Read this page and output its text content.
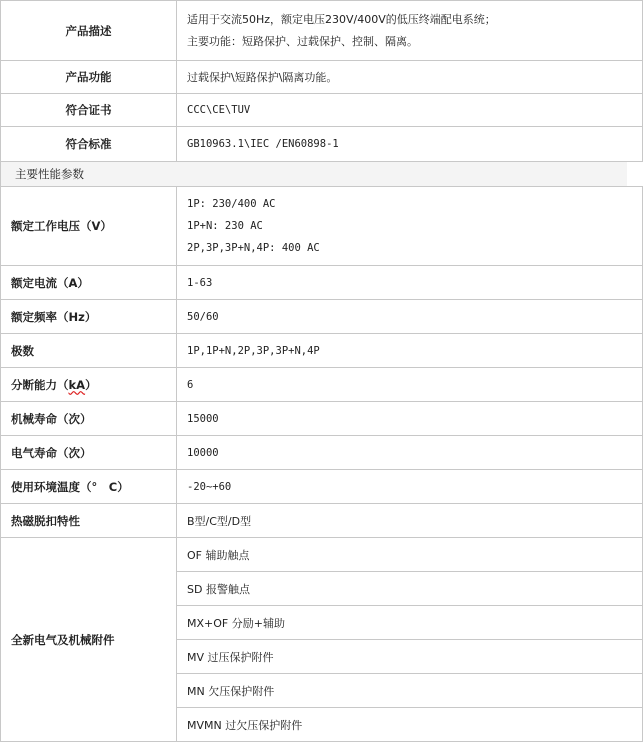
产品描述	适用于交流50Hz，额定电压230V/400V的低压终端配电系统；
主要功能：短路保护、过载保护、控制、隔离。

产品功能	过载保护\短路保护\隔离功能。
符合证书	CCC\CE\TUV
符合标准	GB10963.1\IEC /EN60898-1
主要性能参数
额定工作电压（V）	1P: 230/400 AC
1P+N: 230 AC
2P,3P,3P+N,4P: 400 AC

额定电流（A）	1-63
额定频率（Hz）	50/60
极数	1P,1P+N,2P,3P,3P+N,4P
分断能力（kA）	6
机械寿命（次）	15000
电气寿命（次）	10000
使用环境温度（°　C）	-20~+60
热磁脱扣特性	B型/C型/D型
全新电气及机械附件	OF 辅助触点
	SD 报警触点
	MX+OF 分励+辅助
	MV 过压保护附件
	MN 欠压保护附件
	MVMN 过欠压保护附件
